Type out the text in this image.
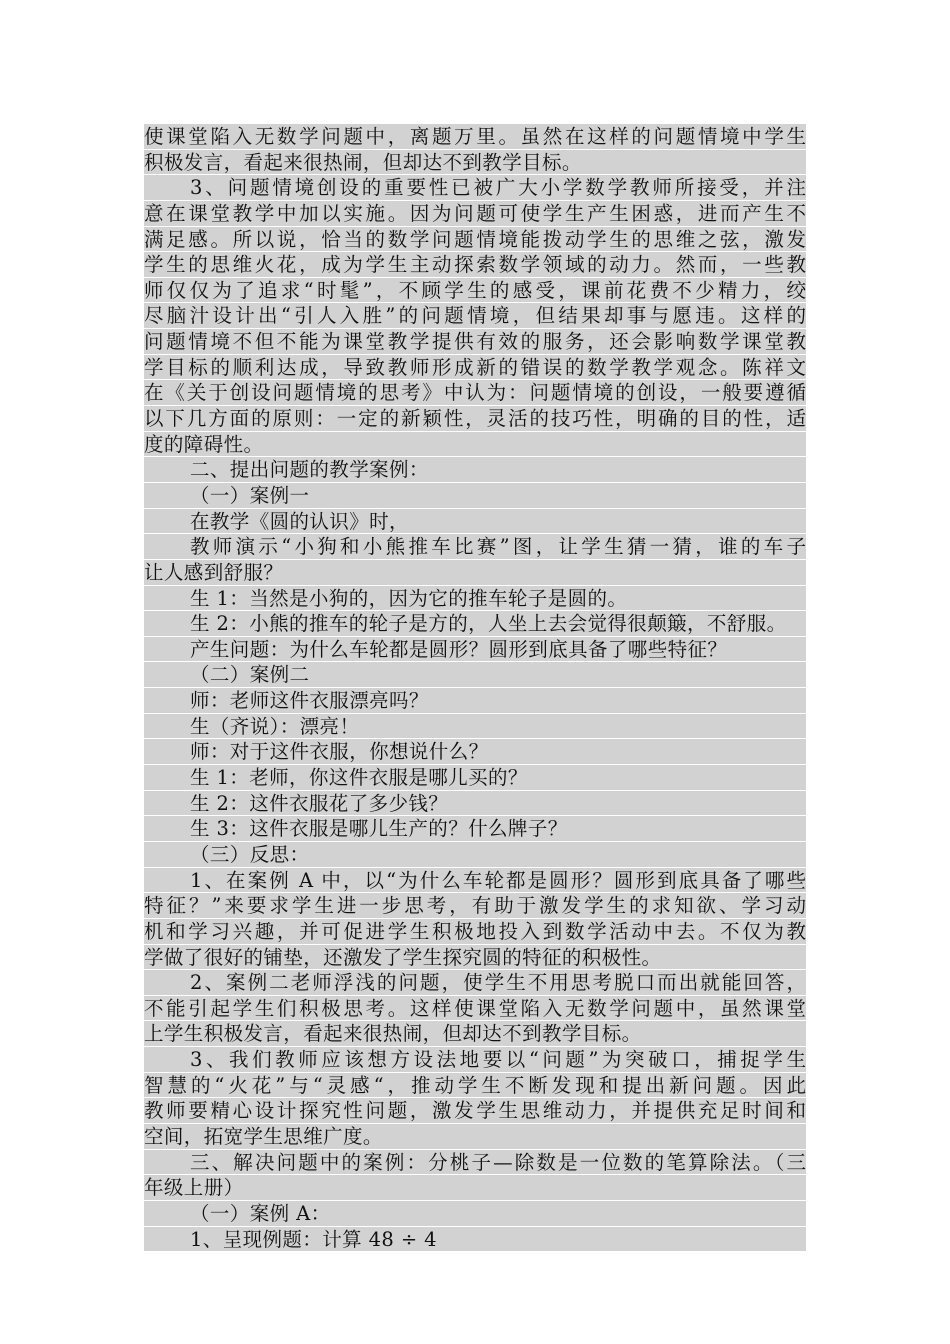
使课堂陷入无数学问题中，离题万里。虽然在这样的问题情境中学生
积极发言，看起来很热闹，但却达不到教学目标。
3、问题情境创设的重要性已被广大小学数学教师所接受，并注
意在课堂教学中加以实施。因为问题可使学生产生困惑，进而产生不
满足感。所以说，恰当的数学问题情境能拨动学生的思维之弦，激发
学生的思维火花，成为学生主动探索数学领域的动力。然而，一些教
师仅仅为了追求“时髦”，不顾学生的感受，课前花费不少精力，绞
尽脑汁设计出“引人入胜”的问题情境，但结果却事与愿违。这样的
问题情境不但不能为课堂教学提供有效的服务，还会影响数学课堂教
学目标的顺利达成，导致教师形成新的错误的数学教学观念。陈祥文
在《关于创设问题情境的思考》中认为：问题情境的创设，一般要遵循
以下几方面的原则：一定的新颖性，灵活的技巧性，明确的目的性，适
度的障碍性。
二、提出问题的教学案例：
（一）案例一
在教学《圆的认识》时，
教师演示“小狗和小熊推车比赛”图，让学生猜一猜，谁的车子
让人感到舒服？
生 1：当然是小狗的，因为它的推车轮子是圆的。
生 2：小熊的推车的轮子是方的，人坐上去会觉得很颠簸，不舒服。
产生问题：为什么车轮都是圆形？圆形到底具备了哪些特征？
（二）案例二
师：老师这件衣服漂亮吗？
生（齐说）：漂亮！
师：对于这件衣服，你想说什么？
生 1：老师，你这件衣服是哪儿买的？
生 2：这件衣服花了多少钱？
生 3：这件衣服是哪儿生产的？什么牌子？
（三）反思：
1、在案例 A 中，以“为什么车轮都是圆形？圆形到底具备了哪些
特征？”来要求学生进一步思考，有助于激发学生的求知欲、学习动
机和学习兴趣，并可促进学生积极地投入到数学活动中去。不仅为教
学做了很好的铺垫，还激发了学生探究圆的特征的积极性。
2、案例二老师浮浅的问题，使学生不用思考脱口而出就能回答，
不能引起学生们积极思考。这样使课堂陷入无数学问题中，虽然课堂
上学生积极发言，看起来很热闹，但却达不到教学目标。
3、我们教师应该想方设法地要以“问题”为突破口，捕捉学生
智慧的“火花”与“灵感“，推动学生不断发现和提出新问题。因此
教师要精心设计探究性问题，激发学生思维动力，并提供充足时间和
空间，拓宽学生思维广度。
三、解决问题中的案例：分桃子—除数是一位数的笔算除法。（三
年级上册）
（一）案例 A：
1、呈现例题：计算 48 ÷ 4
